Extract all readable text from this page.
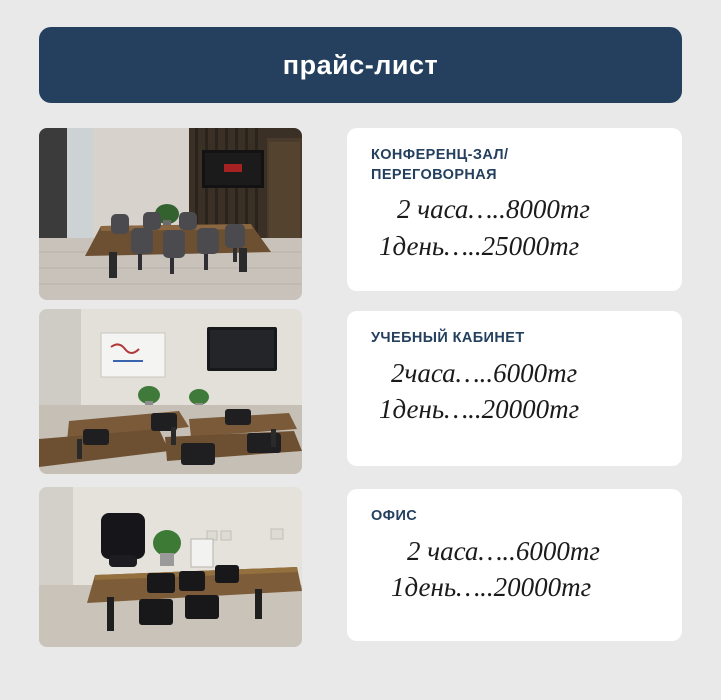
прайс-лист
КОНФЕРЕНЦ-ЗАЛ/
ПЕРЕГОВОРНАЯ
2 часа…..8000тг
1день…..25000тг
УЧЕБНЫЙ КАБИНЕТ
2часа…..6000тг
1день…..20000тг
ОФИС
2 часа…..6000тг
1день…..20000тг
